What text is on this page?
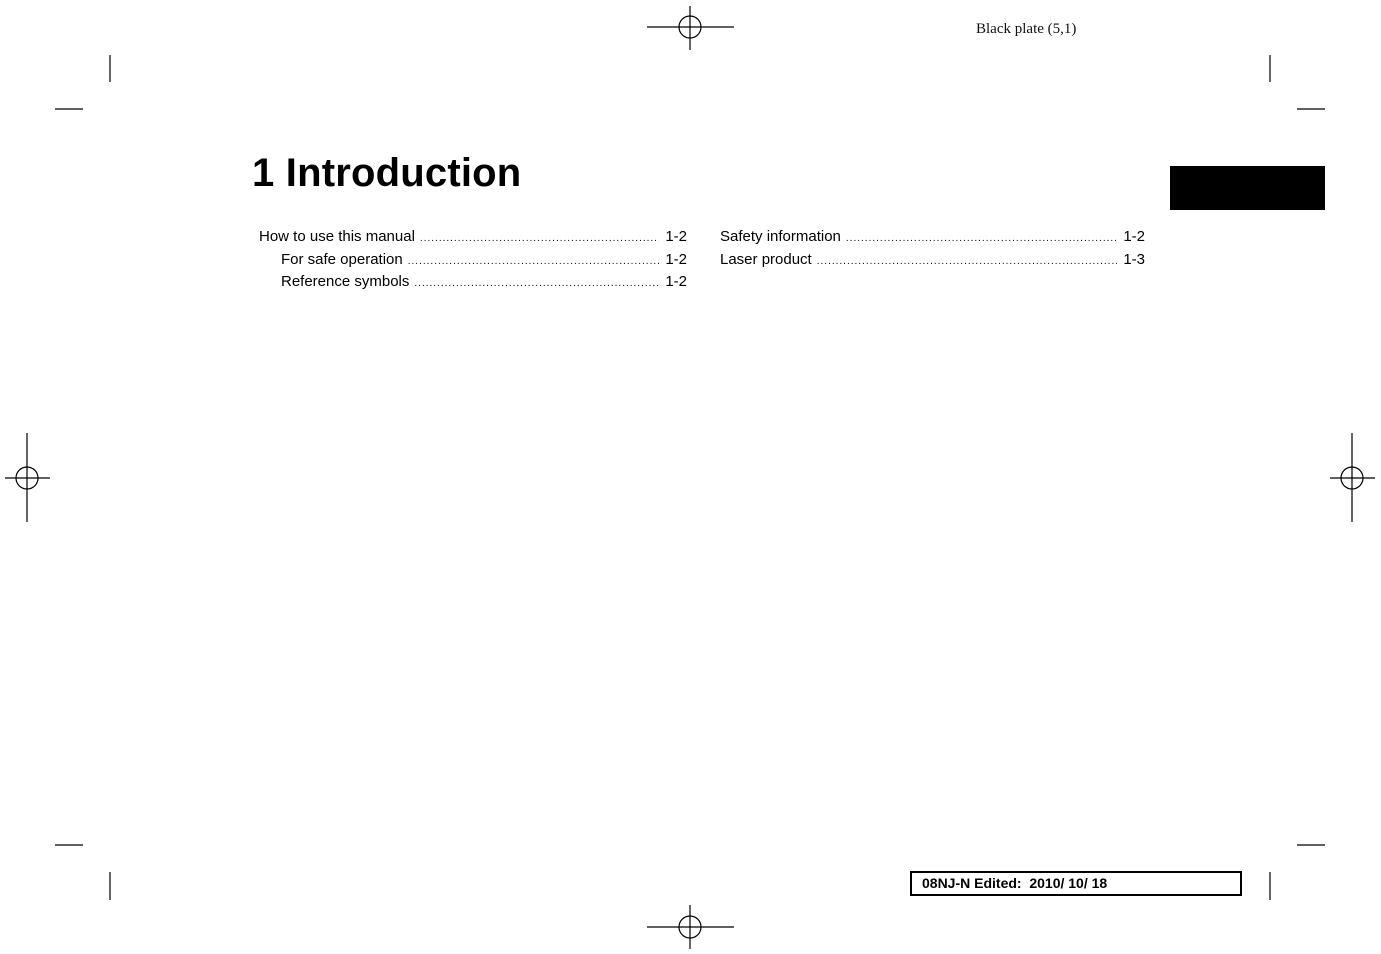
Black plate (5,1)
1 Introduction
How to use this manual .....	1-2
For safe operation .....	1-2
Reference symbols .....	1-2
Safety information .....	1-2
Laser product .....	1-3
08NJ-N Edited:  2010/ 10/ 18
